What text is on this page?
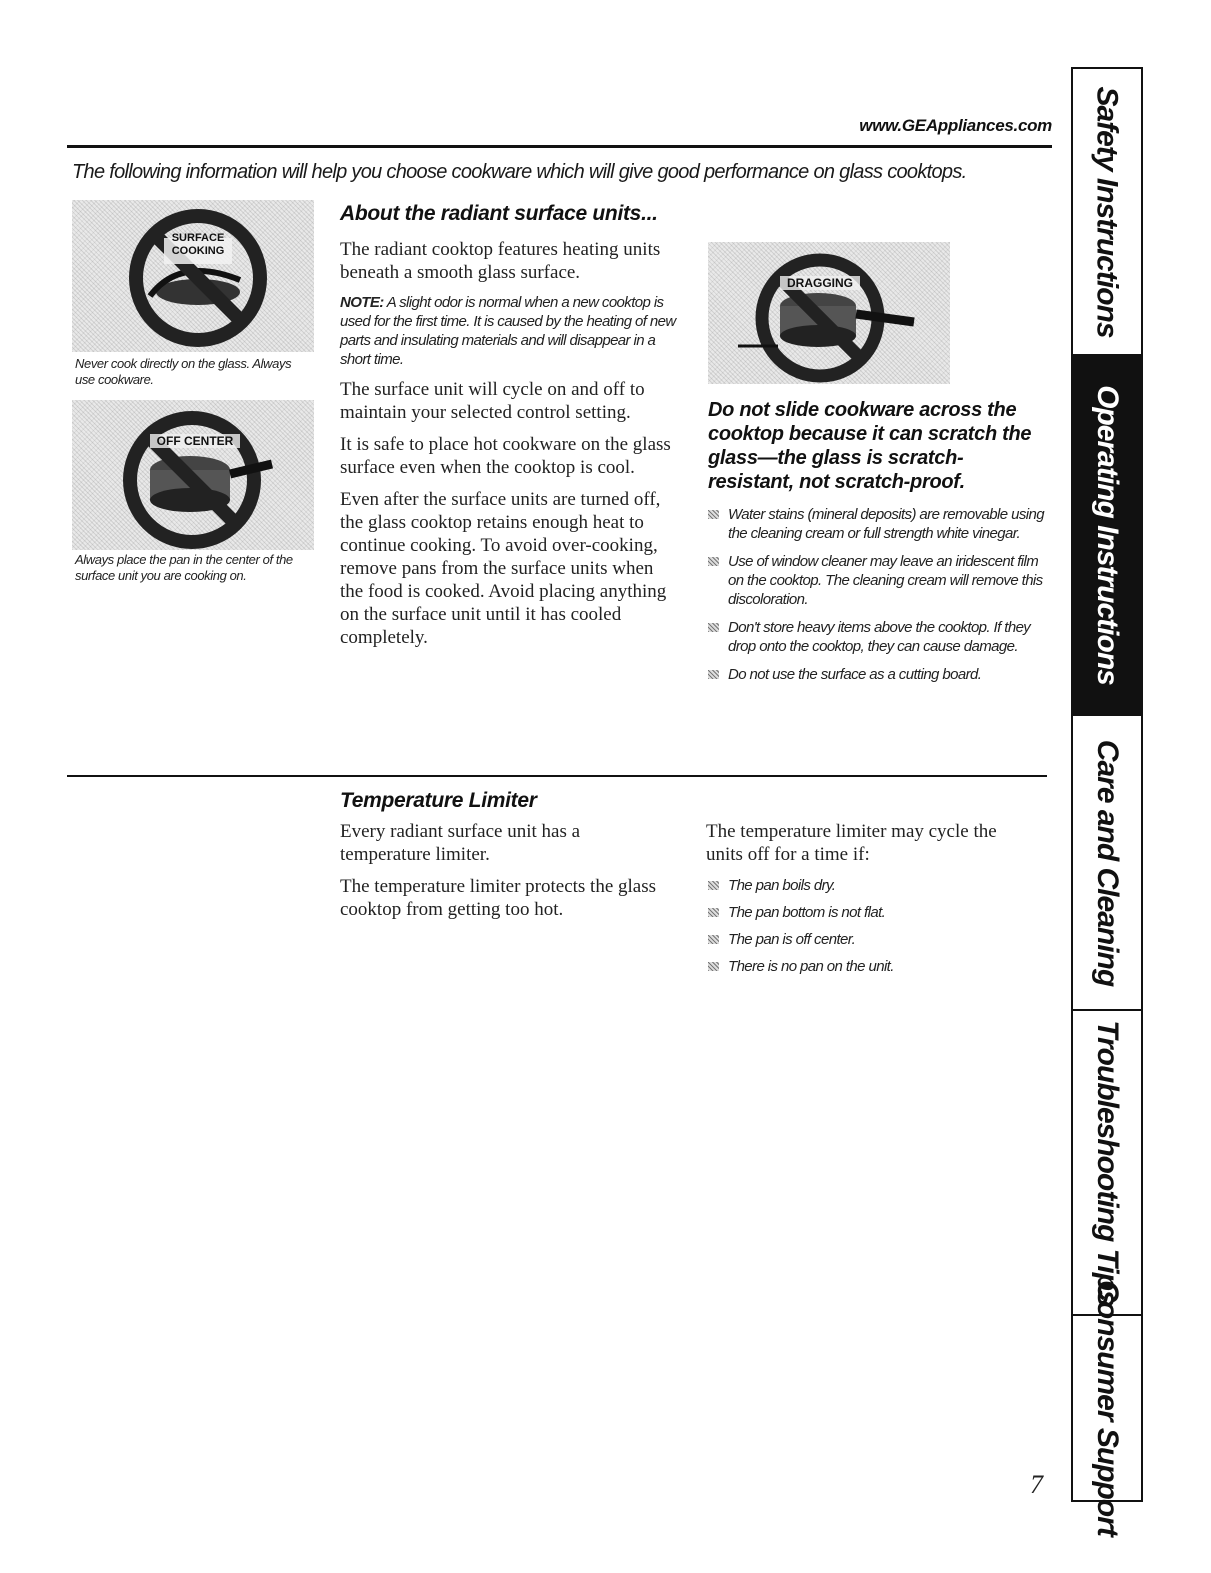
www.GEAppliances.com
The following information will help you choose cookware which will give good performance on glass cooktops.
SURFACE COOKING
Never cook directly on the glass. Always use cookware.
OFF CENTER
Always place the pan in the center of the surface unit you are cooking on.
About the radiant surface units...

The radiant cooktop features heating units beneath a smooth glass surface.

NOTE: A slight odor is normal when a new cooktop is used for the first time. It is caused by the heating of new parts and insulating materials and will disappear in a short time.

The surface unit will cycle on and off to maintain your selected control setting.

It is safe to place hot cookware on the glass surface even when the cooktop is cool.

Even after the surface units are turned off, the glass cooktop retains enough heat to continue cooking. To avoid over-cooking, remove pans from the surface units when the food is cooked. Avoid placing anything on the surface unit until it has cooled completely.

DRAGGING
Do not slide cookware across the cooktop because it can scratch the glass—the glass is scratch-resistant, not scratch-proof.
Water stains (mineral deposits) are removable using the cleaning cream or full strength white vinegar.
Use of window cleaner may leave an iridescent film on the cooktop. The cleaning cream will remove this discoloration.
Don't store heavy items above the cooktop. If they drop onto the cooktop, they can cause damage.
Do not use the surface as a cutting board.
Temperature Limiter

Every radiant surface unit has a temperature limiter.

The temperature limiter protects the glass cooktop from getting too hot.

The temperature limiter may cycle the units off for a time if:

The pan boils dry.
The pan bottom is not flat.
The pan is off center.
There is no pan on the unit.
Safety Instructions
Operating Instructions
Care and Cleaning
Troubleshooting Tips
Consumer Support
7
